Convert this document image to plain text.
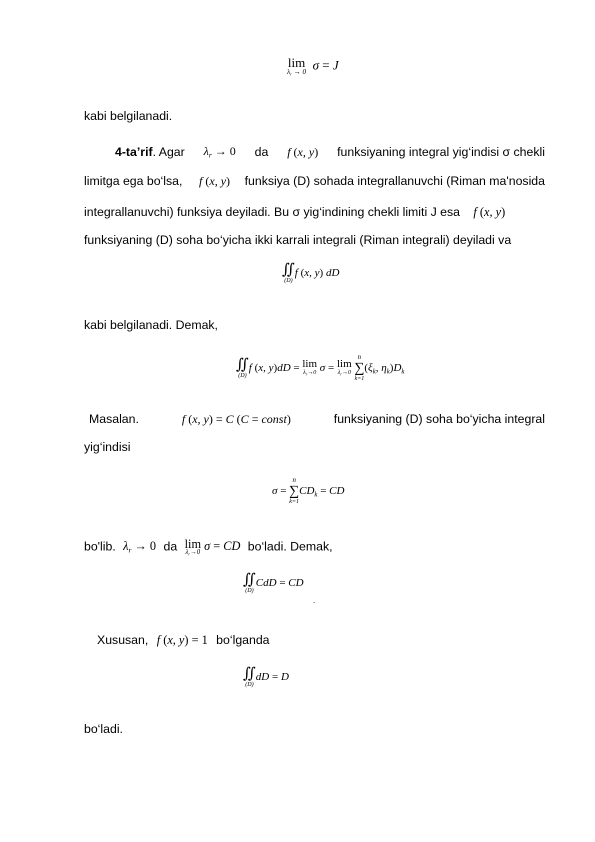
lim
$\lambda_r \to 0$ σ = J
kabi belgilanadi.
4-ta’rif. Agar $\lambda_r \to 0$ da f (x, y) funksiyaning integral yig‘indisi σ chekli
limitga ega bo‘lsa, f (x, y) funksiya (D) sohada integrallanuvchi (Riman ma'nosida
integrallanuvchi) funksiya deyiladi. Bu σ yig‘indining chekli limiti J esa f (x, y)
funksiyaning (D) soha bo‘yicha ikki karrali integrali (Riman integrali) deyiladi va
∬
(D)
f (x, y) dD
kabi belgilanadi. Demak,
∬
(D)
f (x, y)dD = lim
$\lambda_r\to 0$ σ = lim
$\lambda_r\to 0$

n
∑
k=1
($\xi_k$, $\eta_k)D_k$
Masalan.	f (x, y) = C (C = const)	funksiyaning (D) soha bo‘yicha integral
yig‘indisi
σ =
n
∑
k=1
$CD_k$ = CD
bo'lib. $\lambda_r \to 0$ da lim
$\lambda_r\to 0$ σ = CD bo‘ladi. Demak,
∬
(D)
CdD = CD
.
Xususan, f (x, y) = 1 bo‘lganda
∬
(D)
dD = D
bo‘ladi.
